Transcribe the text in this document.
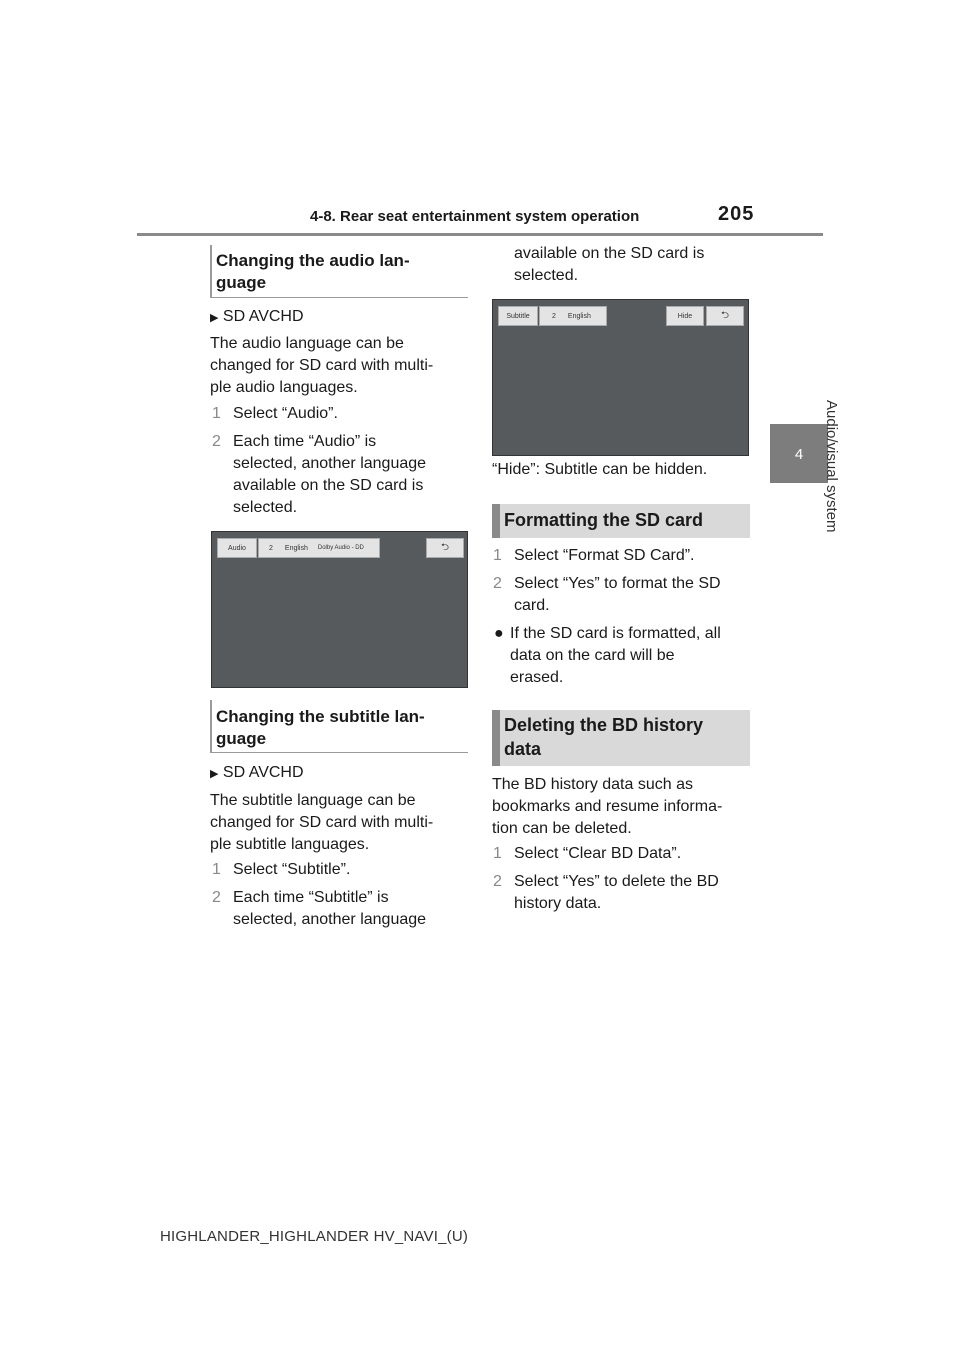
4-8. Rear seat entertainment system operation	205
4	Audio/visual system
Changing the audio lan-
guage
▶ SD AVCHD
The audio language can be
changed for SD card with multi-
ple audio languages.
1 Select “Audio”.
2 Each time “Audio” is
selected, another language
available on the SD card is
selected.
Audio	2 English Dolby Audio - DD	⮌
Changing the subtitle lan-
guage
▶ SD AVCHD
The subtitle language can be
changed for SD card with multi-
ple subtitle languages.
1 Select “Subtitle”.
2 Each time “Subtitle” is
selected, another language
available on the SD card is
selected.
Subtitle	2 English	Hide	⮌
“Hide”: Subtitle can be hidden.
Formatting the SD card
1 Select “Format SD Card”.
2 Select “Yes” to format the SD
card.
● If the SD card is formatted, all
data on the card will be
erased.
Deleting the BD history
data
The BD history data such as
bookmarks and resume informa-
tion can be deleted.
1 Select “Clear BD Data”.
2 Select “Yes” to delete the BD
history data.
HIGHLANDER_HIGHLANDER HV_NAVI_(U)
